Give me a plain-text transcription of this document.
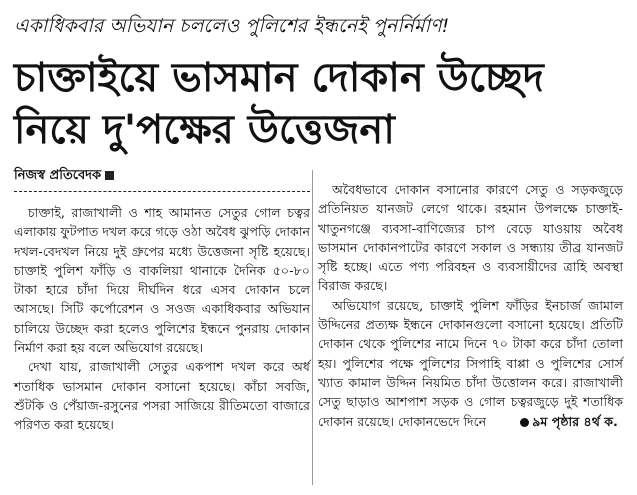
একাধিকবার অভিযান চললেও পুলিশের ইন্ধনেই পুনর্নির্মাণ!
চাক্তাইয়ে ভাসমান দোকান উচ্ছেদ
নিয়ে দু'পক্ষের উত্তেজনা
নিজস্ব প্রতিবেদক

চাক্তাই, রাজাখালী ও শাহ আমানত সেতুর গোল চত্বর এলাকায় ফুটপাত দখল করে গড়ে ওঠা অবৈধ ঝুপড়ি দোকান দখল-বেদখল নিয়ে দুই গ্রুপের মধ্যে উত্তেজনা সৃষ্টি হয়েছে। চাক্তাই পুলিশ ফাঁড়ি ও বাকলিয়া থানাকে দৈনিক ৫০-৮০ টাকা হারে চাঁদা দিয়ে দীর্ঘদিন ধরে এসব দোকান চলে আসছে। সিটি কর্পোরেশন ও সওজ একাধিকবার অভিযান চালিয়ে উচ্ছেদ করা হলেও পুলিশের ইন্ধনে পুনরায় দোকান নির্মাণ করা হয় বলে অভিযোগ রয়েছে।

দেখা যায়, রাজাখালী সেতুর একপাশ দখল করে অর্ধ শতাধিক ভাসমান দোকান বসানো হয়েছে। কাঁচা সবজি, শুঁটকি ও পেঁয়াজ-রসুনের পসরা সাজিয়ে রীতিমতো বাজারে পরিণত করা হয়েছে।

অবৈধভাবে দোকান বসানোর কারণে সেতু ও সড়কজুড়ে প্রতিনিয়ত যানজট লেগে থাকে। রহমান উপলক্ষে চাক্তাই-খাতুনগঞ্জে ব্যবসা-বাণিজ্যের চাপ বেড়ে যাওয়ায় অবৈধ ভাসমান দোকানপাটের কারণে সকাল ও সন্ধ্যায় তীব্র যানজট সৃষ্টি হচ্ছে। এতে পণ্য পরিবহন ও ব্যবসায়ীদের ত্রাহি অবস্থা বিরাজ করছে।

অভিযোগ রয়েছে, চাক্তাই পুলিশ ফাঁড়ির ইনচার্জ জামাল উদ্দিনের প্রত্যক্ষ ইন্ধনে দোকানগুলো বসানো হয়েছে। প্রতিটি দোকান থেকে পুলিশের নামে দিনে ৭০ টাকা করে চাঁদা তোলা হয়। পুলিশের পক্ষে পুলিশের সিপাহি বাপ্পা ও পুলিশের সোর্স খ্যাত কামাল উদ্দিন নিয়মিত চাঁদা উত্তোলন করে। রাজাখালী সেতু ছাড়াও আশপাশ সড়ক ও গোল চত্বরজুড়ে দুই শতাধিক দোকান রয়েছে। দোকানভেদে দিনে	৯ম পৃষ্ঠার ৪র্থ ক.
